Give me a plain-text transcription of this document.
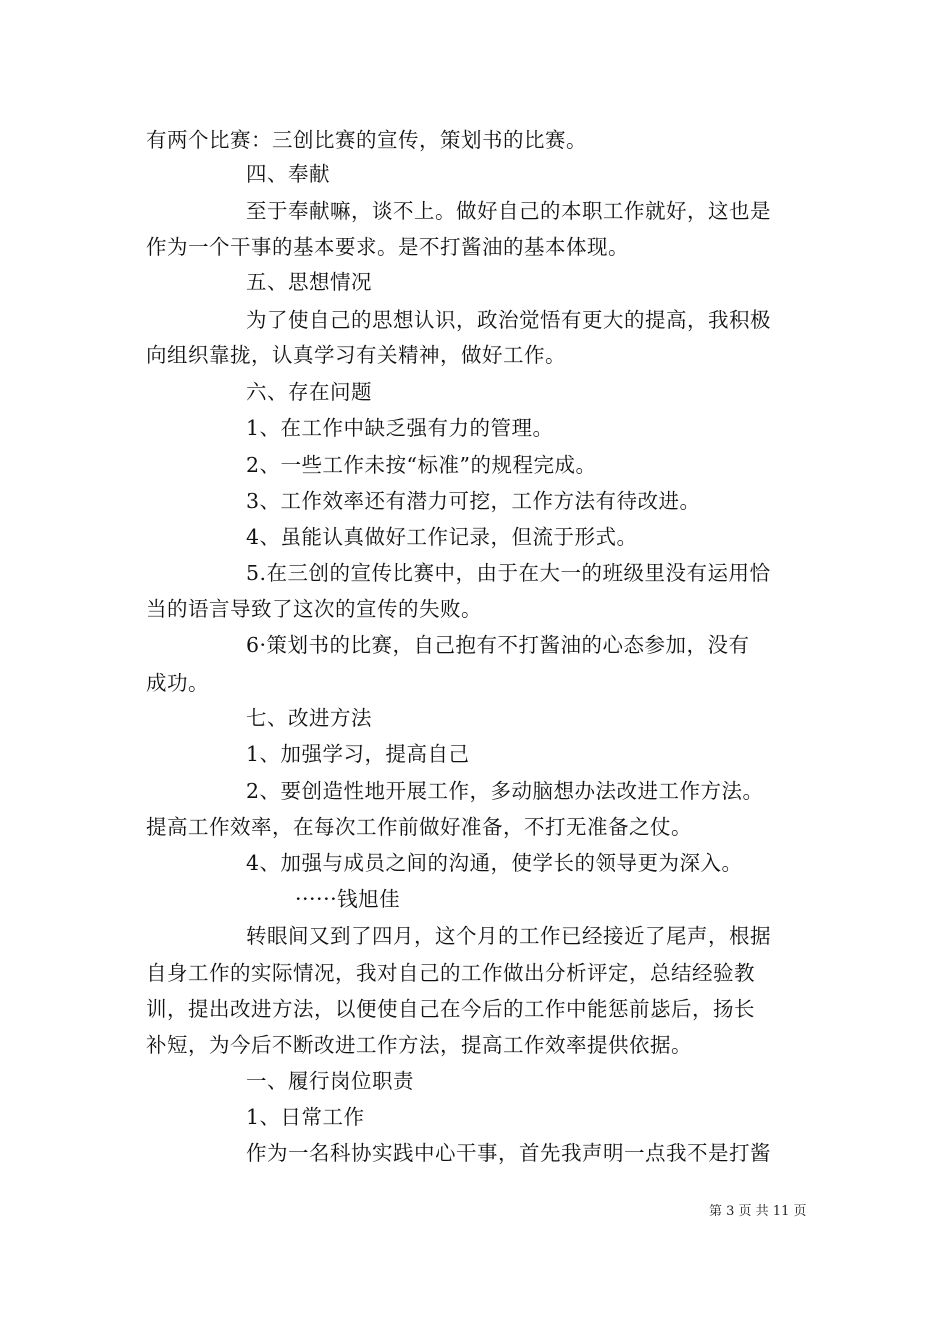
有两个比赛：三创比赛的宣传，策划书的比赛。
四、奉献
至于奉献嘛，谈不上。做好自己的本职工作就好，这也是
作为一个干事的基本要求。是不打酱油的基本体现。
五、思想情况
为了使自己的思想认识，政治觉悟有更大的提高，我积极
向组织靠拢，认真学习有关精神，做好工作。
六、存在问题
1、在工作中缺乏强有力的管理。
2、一些工作未按“标准”的规程完成。
3、工作效率还有潜力可挖，工作方法有待改进。
4、虽能认真做好工作记录，但流于形式。
5.在三创的宣传比赛中，由于在大一的班级里没有运用恰
当的语言导致了这次的宣传的失败。
6·策划书的比赛，自己抱有不打酱油的心态参加，没有
成功。
七、改进方法
1、加强学习，提高自己
2、要创造性地开展工作，多动脑想办法改进工作方法。
提高工作效率，在每次工作前做好准备，不打无准备之仗。
4、加强与成员之间的沟通，使学长的领导更为深入。
······钱旭佳
转眼间又到了四月，这个月的工作已经接近了尾声，根据
自身工作的实际情况，我对自己的工作做出分析评定，总结经验教
训，提出改进方法，以便使自己在今后的工作中能惩前毖后，扬长
补短，为今后不断改进工作方法，提高工作效率提供依据。
一、履行岗位职责
1、日常工作
作为一名科协实践中心干事，首先我声明一点我不是打酱
第 3 页 共 11 页
